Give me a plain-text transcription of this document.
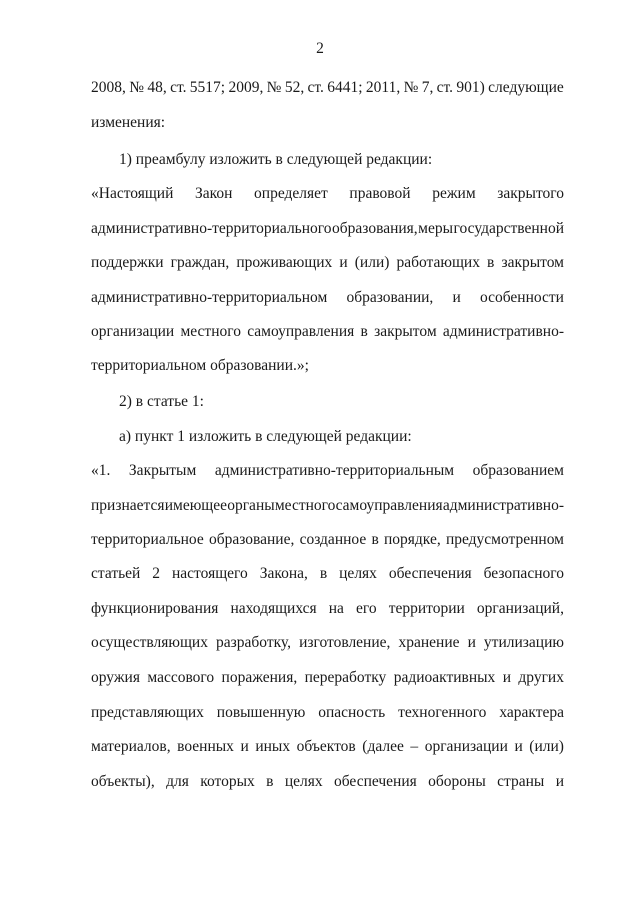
2
2008, № 48, ст. 5517; 2009, № 52, ст. 6441; 2011, № 7, ст. 901) следующие
изменения:
1) преамбулу изложить в следующей редакции:
«Настоящий Закон определяет правовой режим закрытого
административно-территориального образования, меры государственной
поддержки граждан, проживающих и (или) работающих в закрытом
административно-территориальном образовании, и особенности
организации местного самоуправления в закрытом административно-
территориальном образовании.»;
2) в статье 1:
а) пункт 1 изложить в следующей редакции:
«1. Закрытым административно-территориальным образованием
признается имеющее органы местного самоуправления административно-
территориальное образование, созданное в порядке, предусмотренном
статьей 2 настоящего Закона, в целях обеспечения безопасного
функционирования находящихся на его территории организаций,
осуществляющих разработку, изготовление, хранение и утилизацию
оружия массового поражения, переработку радиоактивных и других
представляющих повышенную опасность техногенного характера
материалов, военных и иных объектов (далее – организации и (или)
объекты), для которых в целях обеспечения обороны страны и
